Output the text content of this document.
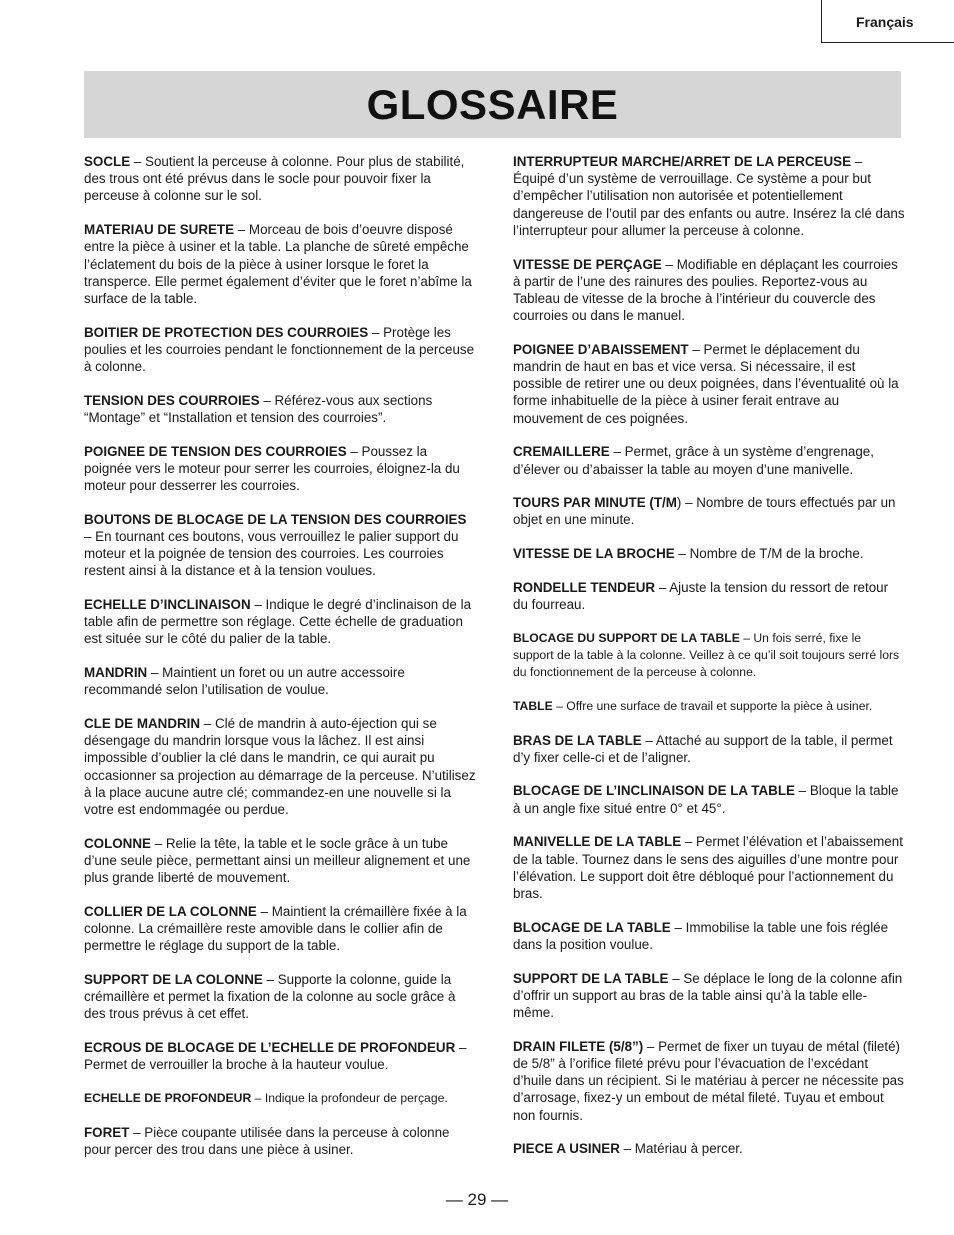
Français
GLOSSAIRE

SOCLE – Soutient la perceuse à colonne. Pour plus de stabilité, des trous ont été prévus dans le socle pour pouvoir fixer la perceuse à colonne sur le sol.

MATERIAU DE SURETE – Morceau de bois d’oeuvre disposé entre la pièce à usiner et la table. La planche de sûreté empêche l’éclatement du bois de la pièce à usiner lorsque le foret la transperce. Elle permet également d’éviter que le foret n’abîme la surface de la table.

BOITIER DE PROTECTION DES COURROIES – Protège les poulies et les courroies pendant le fonctionnement de la perceuse à colonne.

TENSION DES COURROIES – Référez-vous aux sections “Montage” et “Installation et tension des courroies”.

POIGNEE DE TENSION DES COURROIES – Poussez la poignée vers le moteur pour serrer les courroies, éloignez-la du moteur pour desserrer les courroies.

BOUTONS DE BLOCAGE DE LA TENSION DES COURROIES – En tournant ces boutons, vous verrouillez le palier support du moteur et la poignée de tension des courroies. Les courroies restent ainsi à la distance et à la tension voulues.

ECHELLE D’INCLINAISON – Indique le degré d’inclinaison de la table afin de permettre son réglage. Cette échelle de graduation est située sur le côté du palier de la table.

MANDRIN – Maintient un foret ou un autre accessoire recommandé selon l’utilisation de voulue.

CLE DE MANDRIN – Clé de mandrin à auto-éjection qui se désengage du mandrin lorsque vous la lâchez. Il est ainsi impossible d’oublier la clé dans le mandrin, ce qui aurait pu occasionner sa projection au démarrage de la perceuse. N’utilisez à la place aucune autre clé; commandez-en une nouvelle si la votre est endommagée ou perdue.

COLONNE – Relie la tête, la table et le socle grâce à un tube d’une seule pièce, permettant ainsi un meilleur alignement et une plus grande liberté de mouvement.

COLLIER DE LA COLONNE – Maintient la crémaillère fixée à la colonne. La crémaillère reste amovible dans le collier afin de permettre le réglage du support de la table.

SUPPORT DE LA COLONNE – Supporte la colonne, guide la crémaillère et permet la fixation de la colonne au socle grâce à des trous prévus à cet effet.

ECROUS DE BLOCAGE DE L’ECHELLE DE PROFONDEUR – Permet de verrouiller la broche à la hauteur voulue.

ECHELLE DE PROFONDEUR – Indique la profondeur de perçage.

FORET – Pièce coupante utilisée dans la perceuse à colonne pour percer des trou dans une pièce à usiner.

INTERRUPTEUR MARCHE/ARRET DE LA PERCEUSE – Équipé d’un système de verrouillage. Ce système a pour but d’empêcher l’utilisation non autorisée et potentiellement dangereuse de l’outil par des enfants ou autre. Insérez la clé dans l’interrupteur pour allumer la perceuse à colonne.

VITESSE DE PERÇAGE – Modifiable en déplaçant les courroies à partir de l’une des rainures des poulies. Reportez-vous au Tableau de vitesse de la broche à l’intérieur du couvercle des courroies ou dans le manuel.

POIGNEE D’ABAISSEMENT – Permet le déplacement du mandrin de haut en bas et vice versa. Si nécessaire, il est possible de retirer une ou deux poignées, dans l’éventualité où la forme inhabituelle de la pièce à usiner ferait entrave au mouvement de ces poignées.

CREMAILLERE – Permet, grâce à un système d’engrenage, d’élever ou d’abaisser la table au moyen d’une manivelle.

TOURS PAR MINUTE (T/M) – Nombre de tours effectués par un objet en une minute.

VITESSE DE LA BROCHE – Nombre de T/M de la broche.

RONDELLE TENDEUR – Ajuste la tension du ressort de retour du fourreau.

BLOCAGE DU SUPPORT DE LA TABLE – Un fois serré, fixe le support de la table à la colonne. Veillez à ce qu’il soit toujours serré lors du fonctionnement de la perceuse à colonne.

TABLE – Offre une surface de travail et supporte la pièce à usiner.

BRAS DE LA TABLE – Attaché au support de la table, il permet d’y fixer celle-ci et de l’aligner.

BLOCAGE DE L’INCLINAISON DE LA TABLE – Bloque la table à un angle fixe situé entre 0° et 45°.

MANIVELLE DE LA TABLE – Permet l’élévation et l’abaissement de la table. Tournez dans le sens des aiguilles d’une montre pour l’élévation. Le support doit être débloqué pour l’actionnement du bras.

BLOCAGE DE LA TABLE – Immobilise la table une fois réglée dans la position voulue.

SUPPORT DE LA TABLE – Se déplace le long de la colonne afin d’offrir un support au bras de la table ainsi qu’à la table elle-même.

DRAIN FILETE (5/8”) – Permet de fixer un tuyau de métal (fileté) de 5/8” à l’orifice fileté prévu pour l’évacuation de l’excédant d’huile dans un récipient. Si le matériau à percer ne nécessite pas d’arrosage, fixez-y un embout de métal fileté. Tuyau et embout non fournis.

PIECE A USINER – Matériau à percer.

— 29 —
